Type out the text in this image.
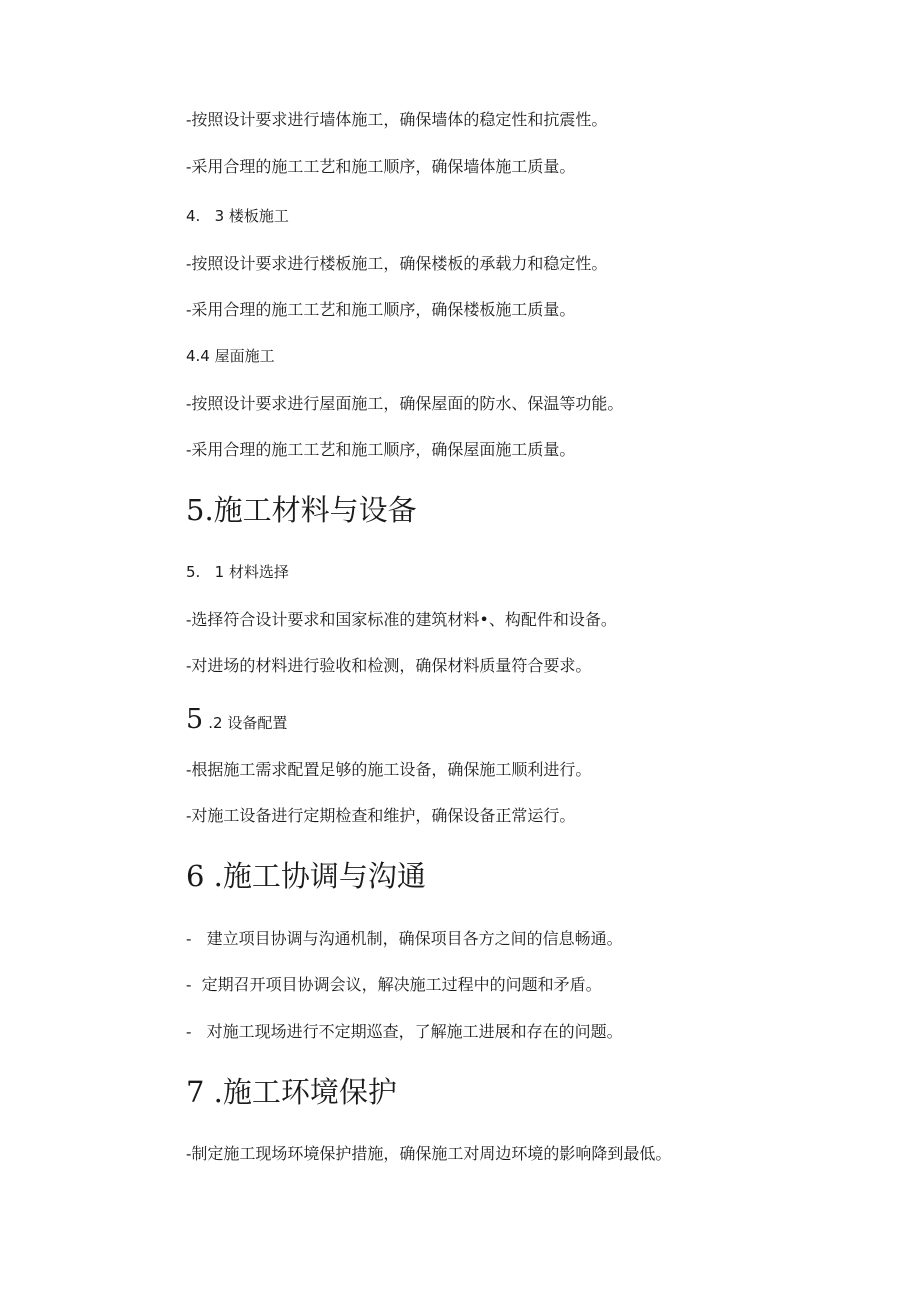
-按照设计要求进行墙体施工，确保墙体的稳定性和抗震性。
-采用合理的施工工艺和施工顺序，确保墙体施工质量。
4.   3 楼板施工
-按照设计要求进行楼板施工，确保楼板的承载力和稳定性。
-采用合理的施工工艺和施工顺序，确保楼板施工质量。
4.4 屋面施工
-按照设计要求进行屋面施工，确保屋面的防水、保温等功能。
-采用合理的施工工艺和施工顺序，确保屋面施工质量。
5.施工材料与设备
5.   1 材料选择
-选择符合设计要求和国家标准的建筑材料•、构配件和设备。
-对进场的材料进行验收和检测，确保材料质量符合要求。
5 .2 设备配置
-根据施工需求配置足够的施工设备，确保施工顺利进行。
-对施工设备进行定期检查和维护，确保设备正常运行。
6 .施工协调与沟通
-   建立项目协调与沟通机制，确保项目各方之间的信息畅通。
-  定期召开项目协调会议，解决施工过程中的问题和矛盾。
-   对施工现场进行不定期巡查，了解施工进展和存在的问题。
7 .施工环境保护
-制定施工现场环境保护措施，确保施工对周边环境的影响降到最低。
